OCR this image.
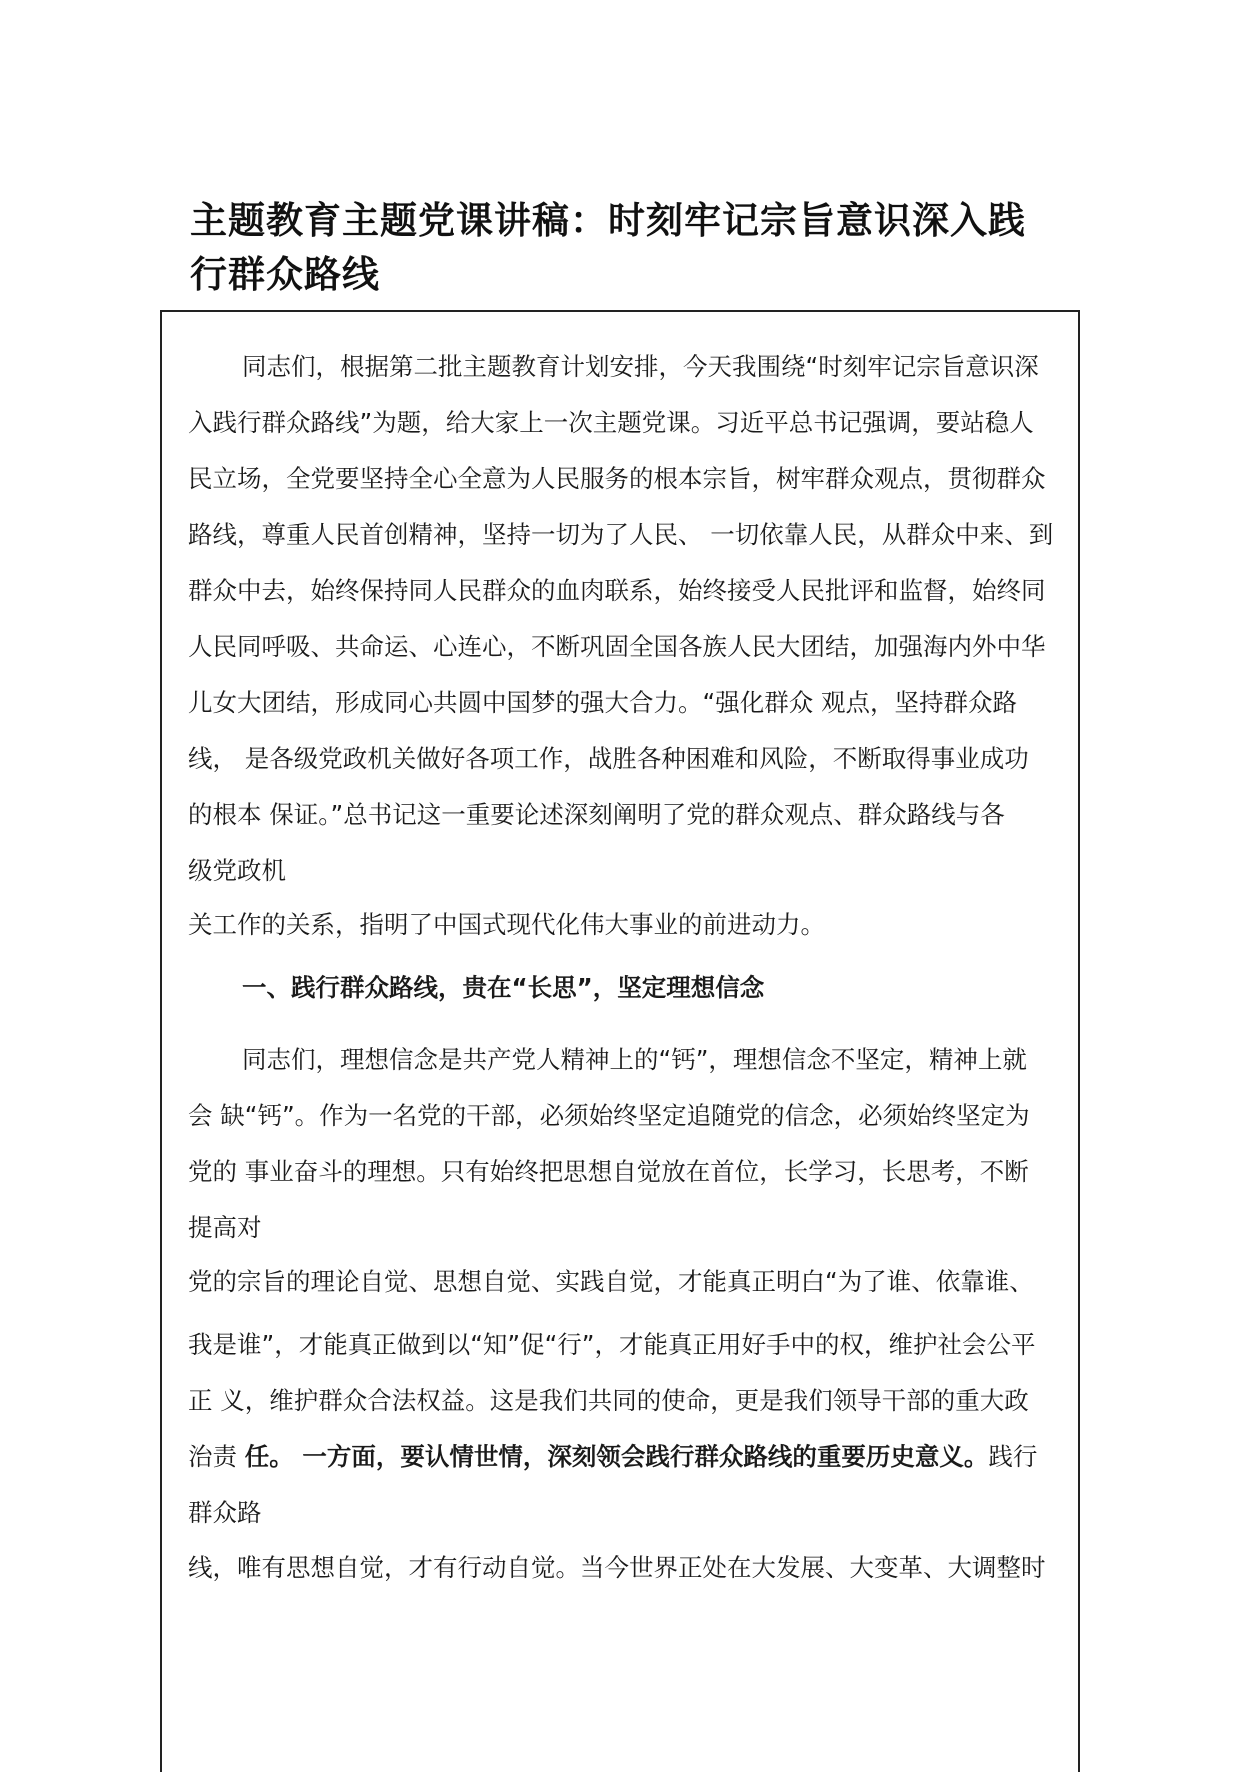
主题教育主题党课讲稿：时刻牢记宗旨意识深入践
行群众路线
同志们，根据第二批主题教育计划安排，今天我围绕“时刻牢记宗旨意识深
入践行群众路线”为题，给大家上一次主题党课。习近平总书记强调，要站稳人
民立场，全党要坚持全心全意为人民服务的根本宗旨，树牢群众观点，贯彻群众
路线，尊重人民首创精神，坚持一切为了人民、 一切依靠人民，从群众中来、到
群众中去，始终保持同人民群众的血肉联系，始终接受人民批评和监督，始终同
人民同呼吸、共命运、心连心，不断巩固全国各族人民大团结，加强海内外中华
儿女大团结，形成同心共圆中国梦的强大合力。“强化群众 观点，坚持群众路
线， 是各级党政机关做好各项工作，战胜各种困难和风险，不断取得事业成功
的根本 保证。”总书记这一重要论述深刻阐明了党的群众观点、群众路线与各
级党政机
关工作的关系，指明了中国式现代化伟大事业的前进动力。
一、践行群众路线，贵在“长思”，坚定理想信念
同志们，理想信念是共产党人精神上的“钙”，理想信念不坚定，精神上就
会 缺“钙”。作为一名党的干部，必须始终坚定追随党的信念，必须始终坚定为
党的 事业奋斗的理想。只有始终把思想自觉放在首位，长学习，长思考，不断
提高对
党的宗旨的理论自觉、思想自觉、实践自觉，才能真正明白“为了谁、依靠谁、
我是谁”，才能真正做到以“知”促“行”，才能真正用好手中的权，维护社会公平
正 义，维护群众合法权益。这是我们共同的使命，更是我们领导干部的重大政
治责 任。 一方面，要认情世情，深刻领会践行群众路线的重要历史意义。践行
群众路
线，唯有思想自觉，才有行动自觉。当今世界正处在大发展、大变革、大调整时
